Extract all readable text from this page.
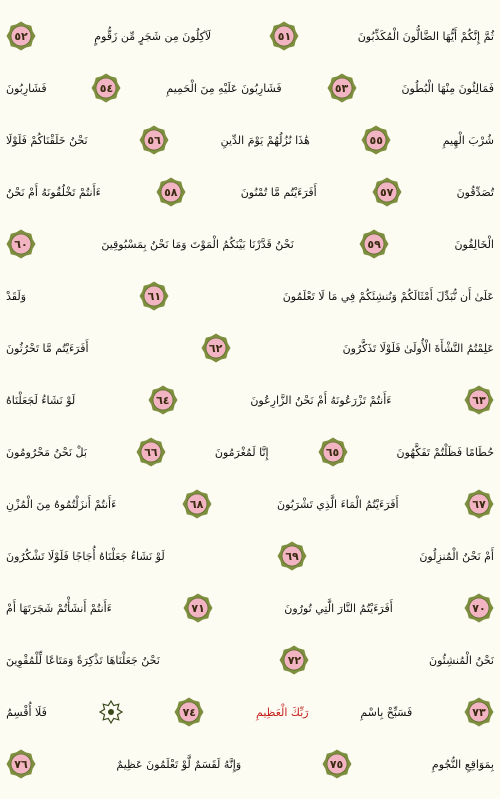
ثُمَّ إِنَّكُمْ أَيُّهَا الضَّالُّونَ الْمُكَذِّبُونَ
٥١
لَآكِلُونَ مِن شَجَرٍ مِّن زَقُّومٍ
٥٢
فَمَالِئُونَ مِنْهَا الْبُطُونَ
٥٣
فَشَارِبُونَ عَلَيْهِ مِنَ الْحَمِيمِ
٥٤
فَشَارِبُونَ
شُرْبَ الْهِيمِ
٥٥
هَٰذَا نُزُلُهُمْ يَوْمَ الدِّينِ
٥٦
نَحْنُ خَلَقْنَاكُمْ فَلَوْلَا
تُصَدِّقُونَ
٥٧
أَفَرَءَيْتُم مَّا تُمْنُونَ
٥٨
ءَأَنتُمْ تَخْلُقُونَهُ أَمْ نَحْنُ
الْخَالِقُونَ
٥٩
نَحْنُ قَدَّرْنَا بَيْنَكُمُ الْمَوْتَ وَمَا نَحْنُ بِمَسْبُوقِينَ
٦٠
عَلَىٰ أَن نُّبَدِّلَ أَمْثَالَكُمْ وَنُنشِئَكُمْ فِي مَا لَا تَعْلَمُونَ
٦١
وَلَقَدْ
عَلِمْتُمُ النَّشْأَةَ الْأُولَىٰ فَلَوْلَا تَذَكَّرُونَ
٦٢
أَفَرَءَيْتُم مَّا تَحْرُثُونَ
٦٣
ءَأَنتُمْ تَزْرَعُونَهُ أَمْ نَحْنُ الزَّارِعُونَ
٦٤
لَوْ نَشَاءُ لَجَعَلْنَاهُ
حُطَامًا فَظَلْتُمْ تَفَكَّهُونَ
٦٥
إِنَّا لَمُغْرَمُونَ
٦٦
بَلْ نَحْنُ مَحْرُومُونَ
٦٧
أَفَرَءَيْتُمُ الْمَاءَ الَّذِي تَشْرَبُونَ
٦٨
ءَأَنتُمْ أَنزَلْتُمُوهُ مِنَ الْمُزْنِ
أَمْ نَحْنُ الْمُنزِلُونَ
٦٩
لَوْ نَشَاءُ جَعَلْنَاهُ أُجَاجًا فَلَوْلَا تَشْكُرُونَ
٧٠
أَفَرَءَيْتُمُ النَّارَ الَّتِي تُورُونَ
٧١
ءَأَنتُمْ أَنشَأْتُمْ شَجَرَتَهَا أَمْ
نَحْنُ الْمُنشِئُونَ
٧٢
نَحْنُ جَعَلْنَاهَا تَذْكِرَةً وَمَتَاعًا لِّلْمُقْوِينَ
٧٣
فَسَبِّحْ بِاسْمِ
رَبِّكَ الْعَظِيمِ
٧٤
فَلَا أُقْسِمُ
بِمَوَاقِعِ النُّجُومِ
٧٥
وَإِنَّهُ لَقَسَمٌ لَّوْ تَعْلَمُونَ عَظِيمٌ
٧٦
